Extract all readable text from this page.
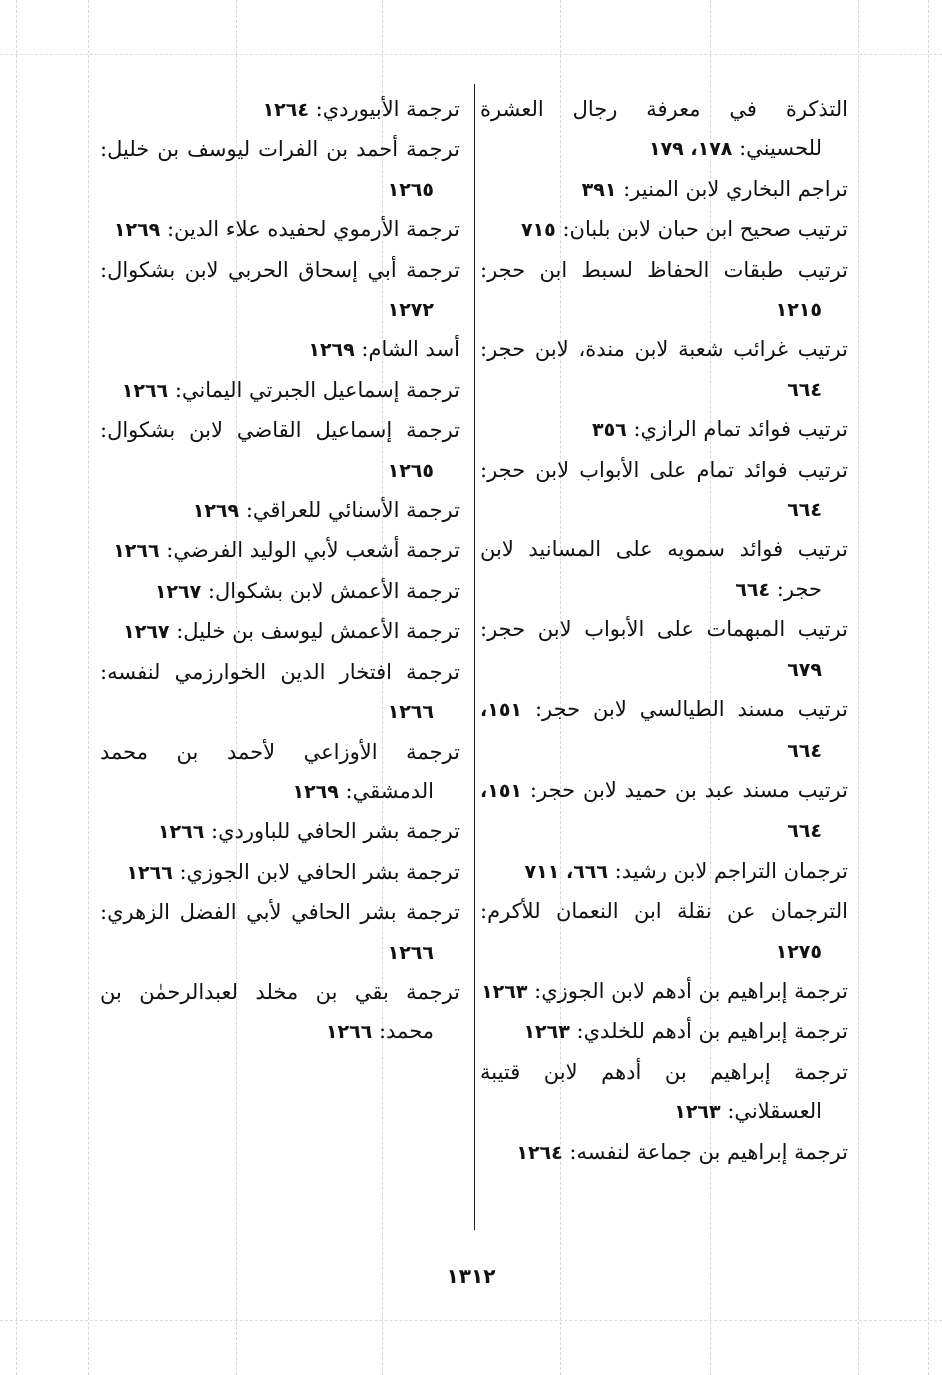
التذكرة في معرفة رجال العشرة للحسيني: ١٧٨، ١٧٩

تراجم البخاري لابن المنير: ٣٩١

ترتيب صحيح ابن حبان لابن بلبان: ٧١٥

ترتيب طبقات الحفاظ لسبط ابن حجر: ١٢١٥

ترتيب غرائب شعبة لابن مندة، لابن حجر: ٦٦٤

ترتيب فوائد تمام الرازي: ٣٥٦

ترتيب فوائد تمام على الأبواب لابن حجر: ٦٦٤

ترتيب فوائد سمويه على المسانيد لابن حجر: ٦٦٤

ترتيب المبهمات على الأبواب لابن حجر: ٦٧٩

ترتيب مسند الطيالسي لابن حجر: ١٥١، ٦٦٤

ترتيب مسند عبد بن حميد لابن حجر: ١٥١، ٦٦٤

ترجمان التراجم لابن رشيد: ٦٦٦، ٧١١

الترجمان عن نقلة ابن النعمان للأكرم: ١٢٧٥

ترجمة إبراهيم بن أدهم لابن الجوزي: ١٢٦٣

ترجمة إبراهيم بن أدهم للخلدي: ١٢٦٣

ترجمة إبراهيم بن أدهم لابن قتيبة العسقلاني: ١٢٦٣

ترجمة إبراهيم بن جماعة لنفسه: ١٢٦٤

ترجمة الأبيوردي: ١٢٦٤

ترجمة أحمد بن الفرات ليوسف بن خليل: ١٢٦٥

ترجمة الأرموي لحفيده علاء الدين: ١٢٦٩

ترجمة أبي إسحاق الحربي لابن بشكوال: ١٢٧٢

أسد الشام: ١٢٦٩

ترجمة إسماعيل الجبرتي اليماني: ١٢٦٦

ترجمة إسماعيل القاضي لابن بشكوال: ١٢٦٥

ترجمة الأسنائي للعراقي: ١٢٦٩

ترجمة أشعب لأبي الوليد الفرضي: ١٢٦٦

ترجمة الأعمش لابن بشكوال: ١٢٦٧

ترجمة الأعمش ليوسف بن خليل: ١٢٦٧

ترجمة افتخار الدين الخوارزمي لنفسه: ١٢٦٦

ترجمة الأوزاعي لأحمد بن محمد الدمشقي: ١٢٦٩

ترجمة بشر الحافي للباوردي: ١٢٦٦

ترجمة بشر الحافي لابن الجوزي: ١٢٦٦

ترجمة بشر الحافي لأبي الفضل الزهري: ١٢٦٦

ترجمة بقي بن مخلد لعبدالرحمٰن بن محمد: ١٢٦٦

١٣١٢
